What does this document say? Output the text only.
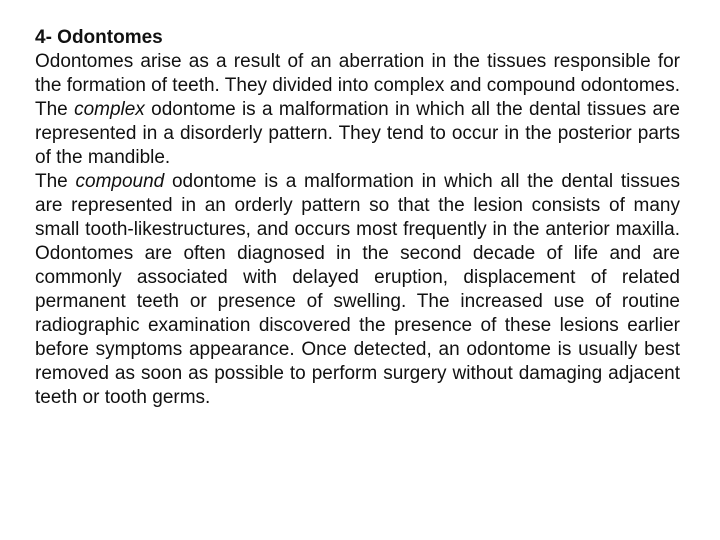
4- Odontomes

Odontomes arise as a result of an aberration in the tissues responsible for the formation of teeth. They divided into complex and compound odontomes.

The complex odontome is a malformation in which all the dental tissues are represented in a disorderly pattern. They tend to occur in the posterior parts of the mandible.

The compound odontome is a malformation in which all the dental tissues are represented in an orderly pattern so that the lesion consists of many small tooth-likestructures, and occurs most frequently in the anterior maxilla. Odontomes are often diagnosed in the second decade of life and are commonly associated with delayed eruption, displacement of related permanent teeth or presence of swelling. The increased use of routine radiographic examination discovered the presence of these lesions earlier before symptoms appearance. Once detected, an odontome is usually best removed as soon as possible to perform surgery without damaging adjacent teeth or tooth germs.
